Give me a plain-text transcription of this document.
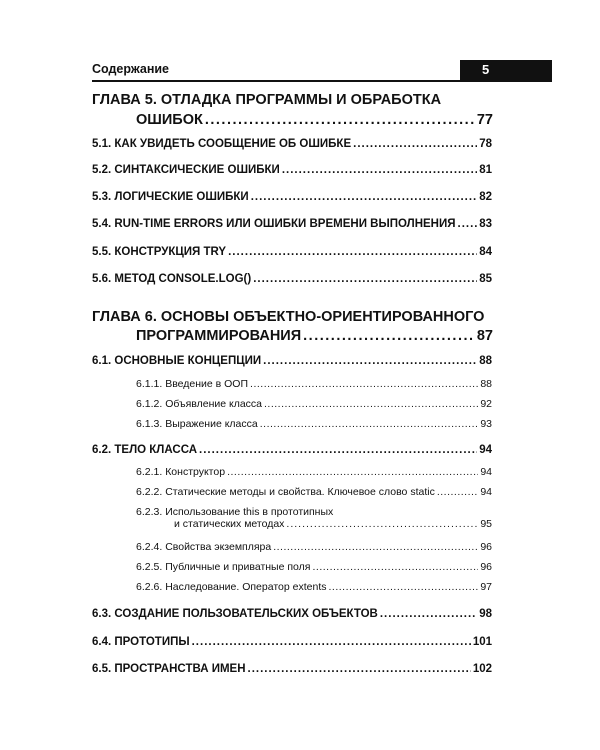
Содержание	5
ГЛАВА 5. ОТЛАДКА ПРОГРАММЫ И ОБРАБОТКА
ОШИБОК .....	77
5.1. КАК УВИДЕТЬ СООБЩЕНИЕ ОБ ОШИБКЕ .....	78
5.2. СИНТАКСИЧЕСКИЕ ОШИБКИ .....	81
5.3. ЛОГИЧЕСКИЕ ОШИБКИ .....	82
5.4. RUN-TIME ERRORS ИЛИ ОШИБКИ ВРЕМЕНИ ВЫПОЛНЕНИЯ ..... 83
5.5. КОНСТРУКЦИЯ TRY .....	84
5.6. МЕТОД CONSOLE.LOG() .....	85
ГЛАВА 6. ОСНОВЫ ОБЪЕКТНО-ОРИЕНТИРОВАННОГО
ПРОГРАММИРОВАНИЯ .....	87
6.1. ОСНОВНЫЕ КОНЦЕПЦИИ .....	88
6.1.1. Введение в ООП .....	88
6.1.2. Объявление класса .....	92
6.1.3. Выражение класса .....	93
6.2. ТЕЛО КЛАССА .....	94
6.2.1. Конструктор .....	94
6.2.2. Статические методы и свойства. Ключевое слово static .....	94
6.2.3. Использование this в прототипных
и статических методах .....	95
6.2.4. Свойства экземпляра .....	96
6.2.5. Публичные и приватные поля .....	96
6.2.6. Наследование. Оператор extents .....	97
6.3. СОЗДАНИЕ ПОЛЬЗОВАТЕЛЬСКИХ ОБЪЕКТОВ .....	98
6.4. ПРОТОТИПЫ .....	101
6.5. ПРОСТРАНСТВА ИМЕН .....	102
